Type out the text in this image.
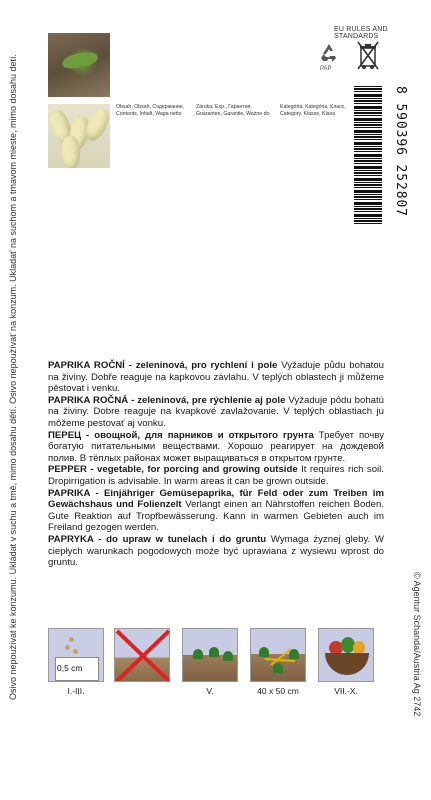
Osivo nepoužívat ke konzumu. Ukládat v suchu a tmě, mimo dosahu dětí. Osivo nepoužívať na konzum. Ukladať na suchom a tmavom mieste, mimo dosahu detí.	© Agentur Schanda/Austria Ag 2742
Obsah, Obsah, Содержание,
Contents, Inhalt, Waga netto
Záruka, Exp., Гарантия,
Guarantee, Garantie, Ważne do
Kategória, Kategória, Класс,
Category, Klasse, Klasa
EU RULES AND STANDARDS
PAP
8 590396 252807

PAPRIKA ROČNÍ - zeleninová, pro rychlení i pole Vyžaduje půdu bohatou na živiny. Dobře reaguje na kapkovou závlahu. V teplých oblastech ji můžeme pěstovat i venku.

PAPRIKA ROČNÁ - zeleninová, pre rýchlenie aj pole Vyžaduje pôdu bohatú na živiny. Dobre reaguje na kvapkové zavlažovanie. V teplých oblastiach ju môžeme pestovať aj vonku.

ПЕРЕЦ - овощной, для парников и открытого грунта Требует почву богатую питательными веществами. Хорошо реагирует на дождевой полив. В тёплых районах может выращиваться в открытом грунте.

PEPPER - vegetable, for porcing and growing outside It requires rich soil. Dropirrigation is advisable. In warm areas it can be grown outside.

PAPRIKA - Einjähriger Gemüsepaprika, für Feld oder zum Treiben im Gewächshaus und Folienzelt Verlangt einen an Nährstoffen reichen Boden. Gute Reaktion auf Tropfbewässerung. Kann in warmen Gebieten auch im Freiland gezogen werden.

PAPRYKA - do upraw w tunelach i do gruntu Wymaga żyznej gleby. W ciepłych warunkach pogodowych może być uprawiana z wysiewu wprost do gruntu.

0,5 cm
I.-III.	V.	40 x 50 cm	VII.-X.
